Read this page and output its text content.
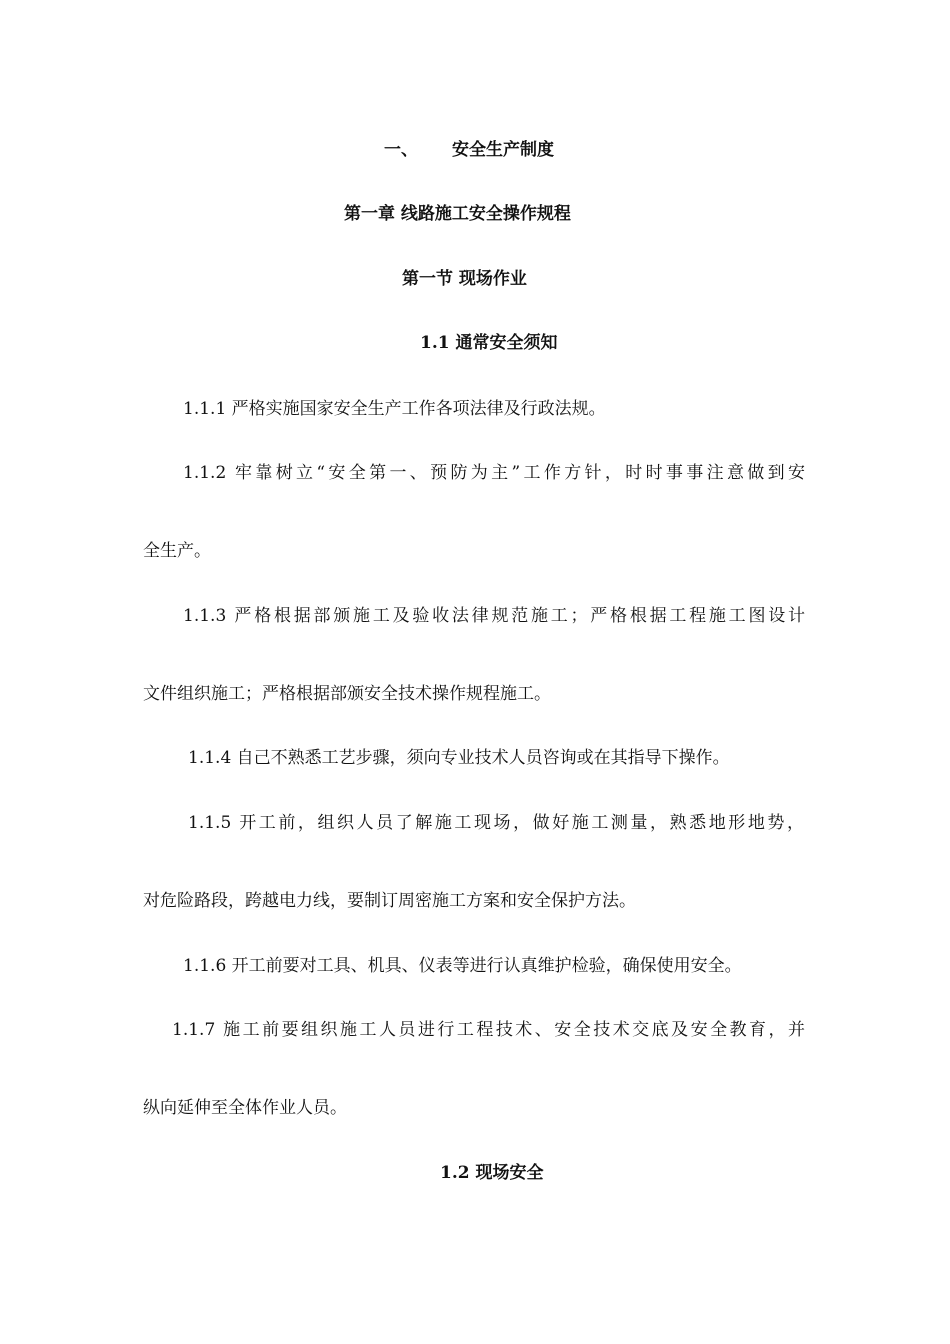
一、 安全生产制度
第一章 线路施工安全操作规程
第一节 现场作业
1.1 通常安全须知
1.1.1 严格实施国家安全生产工作各项法律及行政法规。
1.1.2 牢靠树立“安全第一、预防为主”工作方针，时时事事注意做到安
全生产。
1.1.3 严格根据部颁施工及验收法律规范施工；严格根据工程施工图设计
文件组织施工；严格根据部颁安全技术操作规程施工。
1.1.4 自己不熟悉工艺步骤，须向专业技术人员咨询或在其指导下操作。
1.1.5 开工前，组织人员了解施工现场，做好施工测量，熟悉地形地势，
对危险路段，跨越电力线，要制订周密施工方案和安全保护方法。
1.1.6 开工前要对工具、机具、仪表等进行认真维护检验，确保使用安全。
1.1.7 施工前要组织施工人员进行工程技术、安全技术交底及安全教育，并
纵向延伸至全体作业人员。
1.2 现场安全
